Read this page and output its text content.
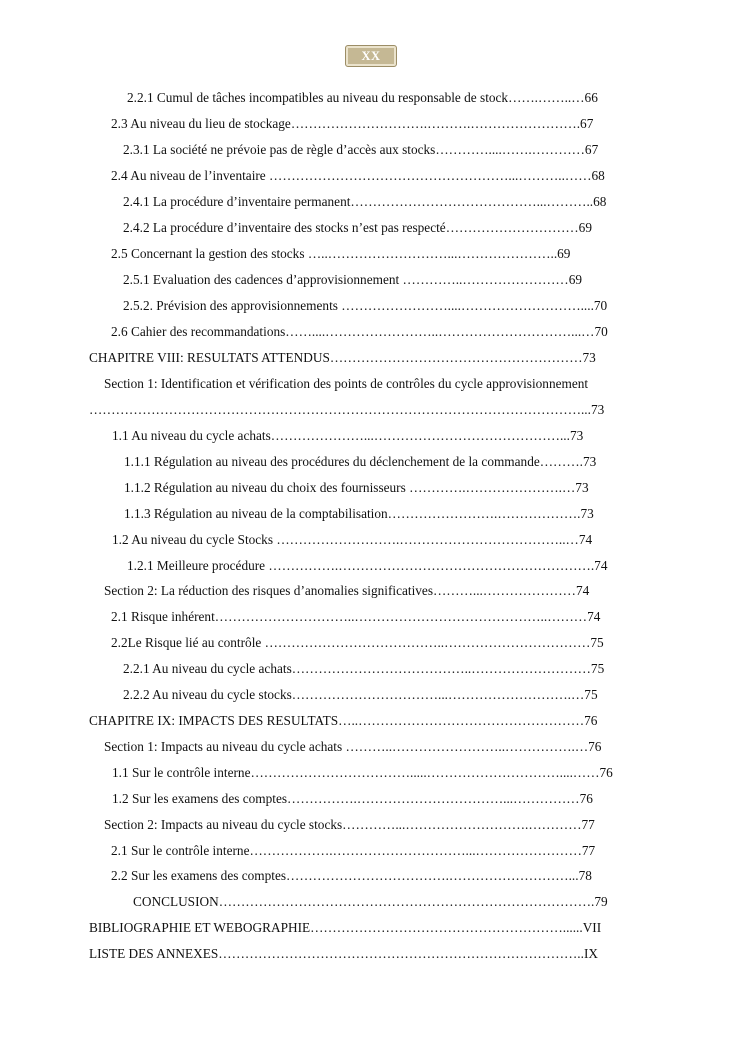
XX
2.2.1 Cumul de tâches incompatibles au niveau du responsable de stock…….……..…66
2.3 Au niveau du lieu de stockage………………………….……….…………………….67
2.3.1 La société ne prévoie pas de règle d’accès aux stocks…………....…….…………67
2.4 Au niveau de l’inventaire ………………………………………………...………..……68
2.4.1 La procédure d’inventaire permanent……………………………………...………..68
2.4.2 La procédure d’inventaire des stocks n’est pas respecté…………………………69
2.5 Concernant la gestion des stocks …..………………………...…………………..69
2.5.1 Evaluation des cadences d’approvisionnement …………..……………………69
2.5.2. Prévision des approvisionnements ……………………....………………………....70
2.6 Cahier des recommandations……....……………………..…………………………...…70
CHAPITRE VIII: RESULTATS ATTENDUS…………………………………………………73
Section 1: Identification et vérification des points de contrôles du cycle approvisionnement
…………………………………………………………………………………………………...73
1.1 Au niveau du cycle achats…………………...……………………………………...73
1.1.1 Régulation au niveau des procédures du déclenchement de la commande……….73
1.1.2 Régulation au niveau du choix des fournisseurs ………….………………….…73
1.1.3 Régulation au niveau de la comptabilisation…………………….……………….73
1.2 Au niveau du cycle Stocks ……………………….………………………………..…74
1.2.1 Meilleure procédure …………….………………………………………………….74
Section 2: La réduction des risques d’anomalies significatives………...…………………74
2.1 Risque inhérent…………………………..……………………………………..………74
2.2Le Risque lié au contrôle …………………………………..……………………………75
2.2.1 Au niveau du cycle achats…………………………………..………………………75
2.2.2 Au niveau du cycle stocks……………………………...……………………….…75
CHAPITRE IX: IMPACTS DES RESULTATS…..……………………………………………76
Section 1: Impacts au niveau du cycle achats ………..……………………..…………….…76
1.1 Sur le contrôle interne……………………………….....…………………………....……76
1.2 Sur les examens des comptes…………….……………………………...……………76
Section 2: Impacts au niveau du cycle stocks…………...……………………….…………77
2.1 Sur le contrôle interne……………….…………………………...……………………77
2.2 Sur les examens des comptes……………………………….………………………...78
CONCLUSION………………………………………………………………………….79
BIBLIOGRAPHIE ET WEBOGRAPHIE…………………………………………………......VII
LISTE DES ANNEXES………………………………………………………………………..IX
